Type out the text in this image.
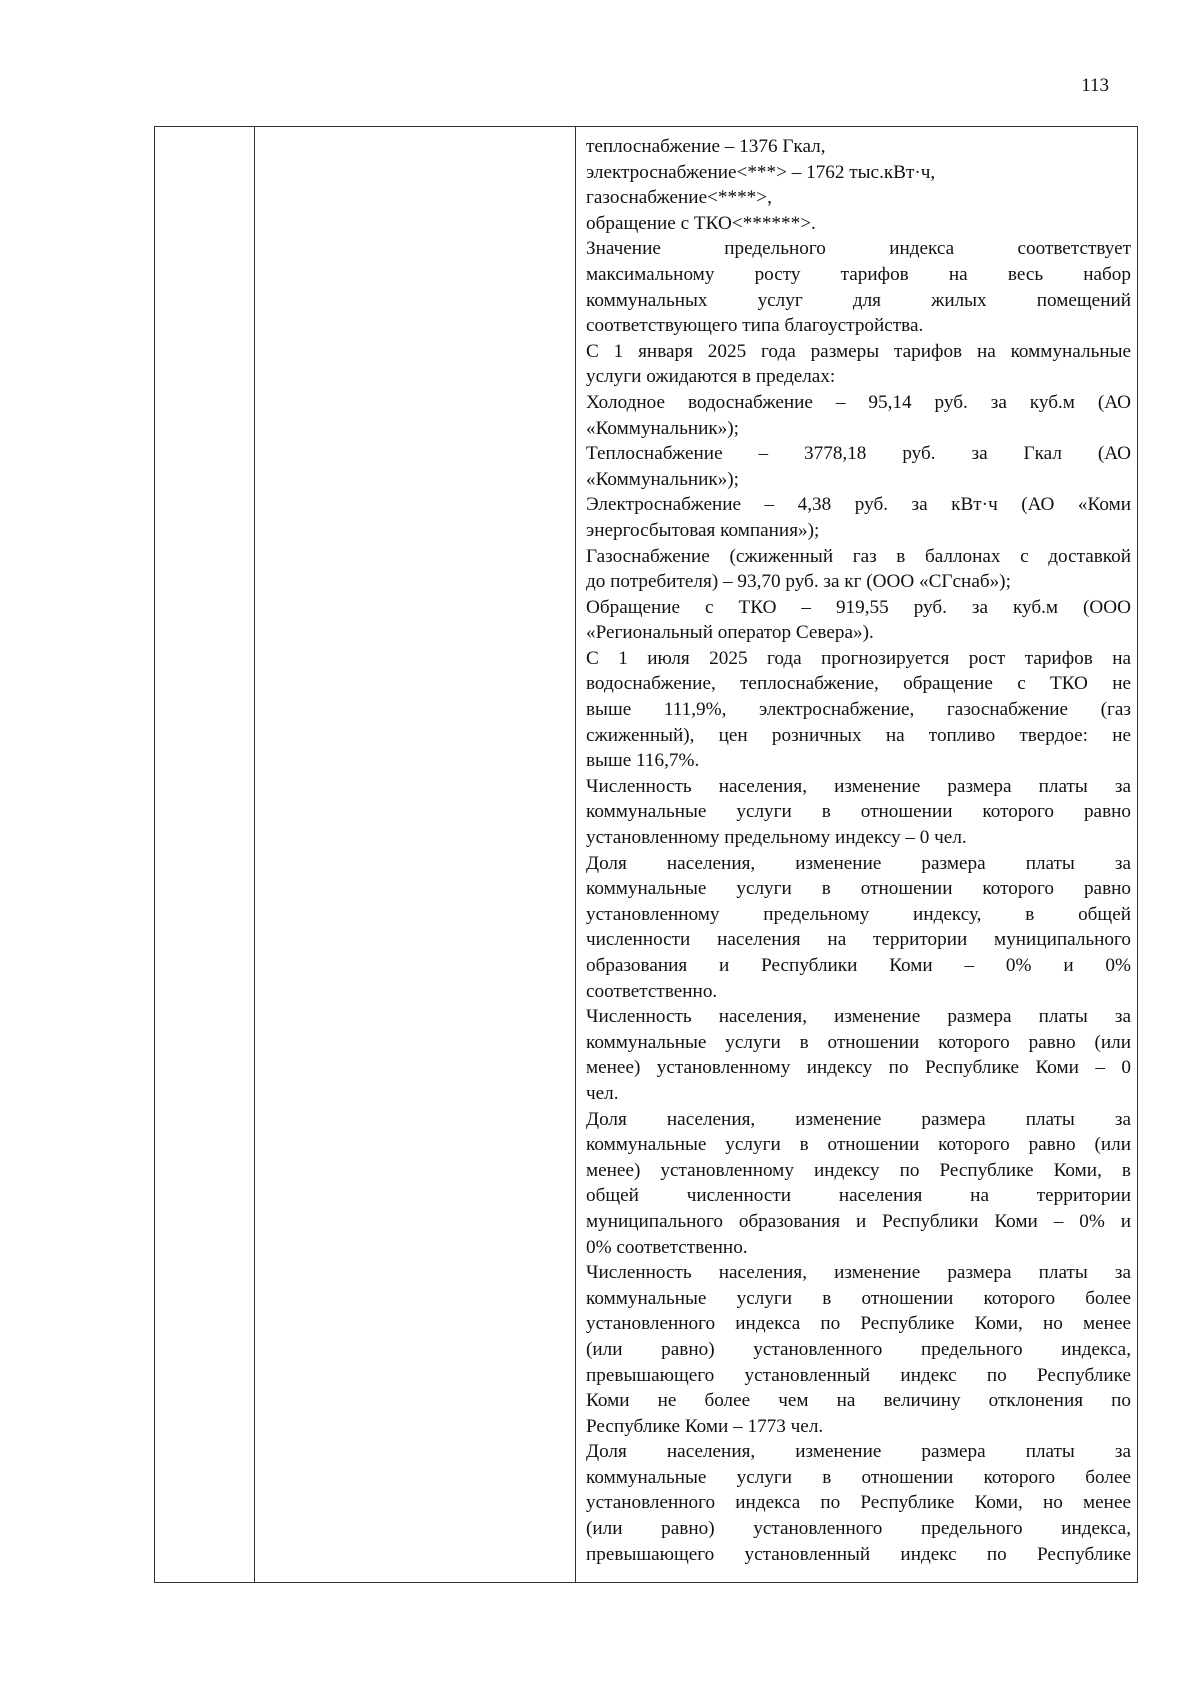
113

теплоснабжение – 1376 Гкал,
электроснабжение<***> – 1762 тыс.кВт·ч,
газоснабжение<****>,
обращение с ТКО<******>.
Значение предельного индекса соответствует
максимальному росту тарифов на весь набор
коммунальных услуг для жилых помещений
соответствующего типа благоустройства.
С 1 января 2025 года размеры тарифов на коммунальные
услуги ожидаются в пределах:
Холодное водоснабжение – 95,14 руб. за куб.м (АО
«Коммунальник»);
Теплоснабжение – 3778,18 руб. за Гкал (АО
«Коммунальник»);
Электроснабжение – 4,38 руб. за кВт·ч (АО «Коми
энергосбытовая компания»);
Газоснабжение (сжиженный газ в баллонах с доставкой
до потребителя) – 93,70 руб. за кг (ООО «СГснаб»);
Обращение с ТКО – 919,55 руб. за куб.м (ООО
«Региональный оператор Севера»).
С 1 июля 2025 года прогнозируется рост тарифов на
водоснабжение, теплоснабжение, обращение с ТКО не
выше 111,9%, электроснабжение, газоснабжение (газ
сжиженный), цен розничных на топливо твердое: не
выше 116,7%.
Численность населения, изменение размера платы за
коммунальные услуги в отношении которого равно
установленному предельному индексу – 0 чел.
Доля населения, изменение размера платы за
коммунальные услуги в отношении которого равно
установленному предельному индексу, в общей
численности населения на территории муниципального
образования и Республики Коми – 0% и 0%
соответственно.
Численность населения, изменение размера платы за
коммунальные услуги в отношении которого равно (или
менее) установленному индексу по Республике Коми – 0
чел.
Доля населения, изменение размера платы за
коммунальные услуги в отношении которого равно (или
менее) установленному индексу по Республике Коми, в
общей численности населения на территории
муниципального образования и Республики Коми – 0% и
0% соответственно.
Численность населения, изменение размера платы за
коммунальные услуги в отношении которого более
установленного индекса по Республике Коми, но менее
(или равно) установленного предельного индекса,
превышающего установленный индекс по Республике
Коми не более чем на величину отклонения по
Республике Коми – 1773 чел.
Доля населения, изменение размера платы за
коммунальные услуги в отношении которого более
установленного индекса по Республике Коми, но менее
(или равно) установленного предельного индекса,
превышающего установленный индекс по Республике
